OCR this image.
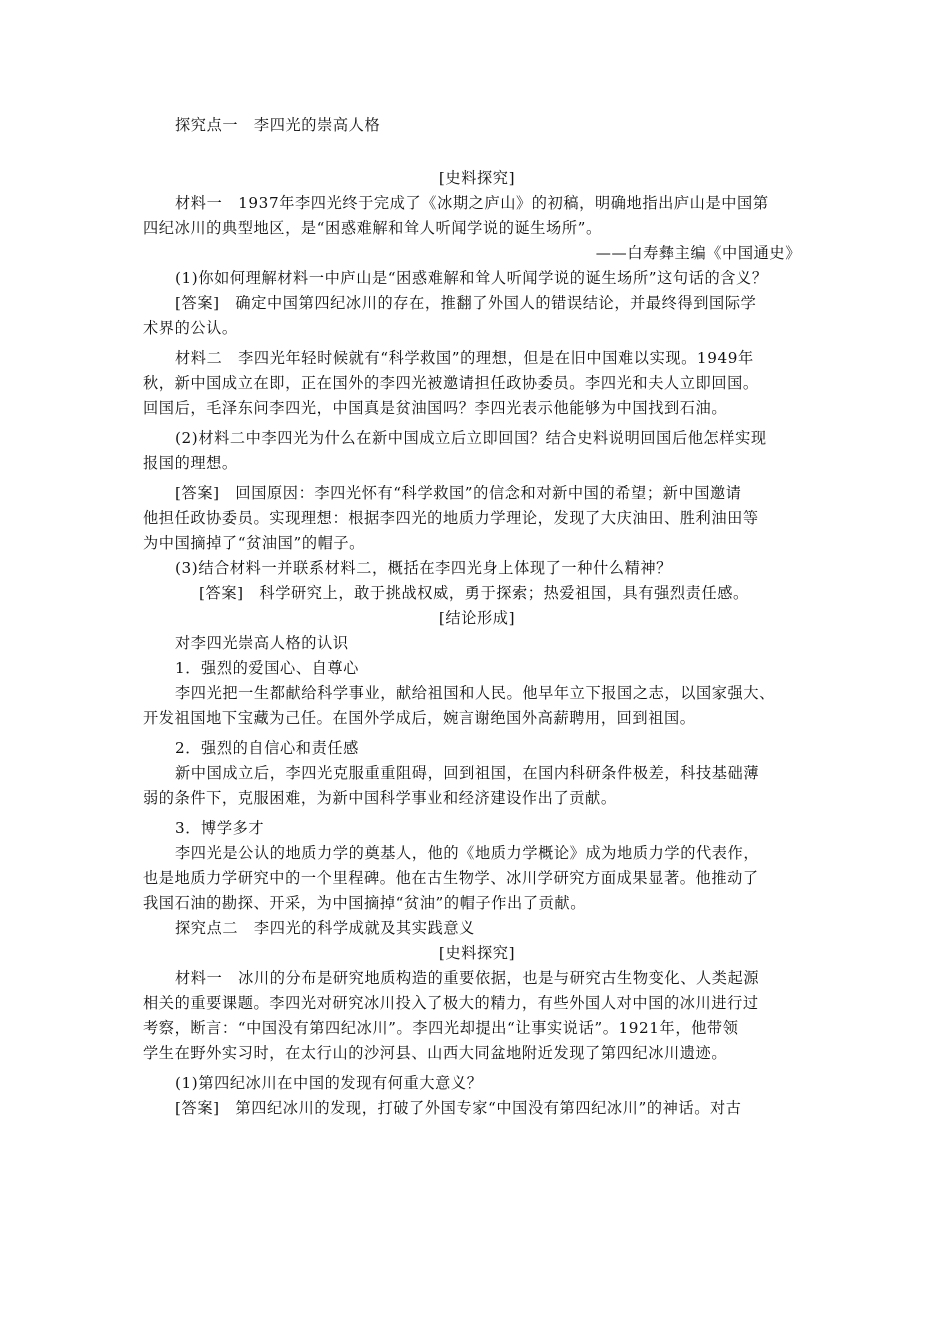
探究点一　李四光的崇高人格
[史料探究]
材料一　1937年李四光终于完成了《冰期之庐山》的初稿，明确地指出庐山是中国第
四纪冰川的典型地区，是“困惑难解和耸人听闻学说的诞生场所”。
——白寿彝主编《中国通史》
(1)你如何理解材料一中庐山是“困惑难解和耸人听闻学说的诞生场所”这句话的含义？
[答案]　确定中国第四纪冰川的存在，推翻了外国人的错误结论，并最终得到国际学
术界的公认。
材料二　李四光年轻时候就有“科学救国”的理想，但是在旧中国难以实现。1949年
秋，新中国成立在即，正在国外的李四光被邀请担任政协委员。李四光和夫人立即回国。
回国后，毛泽东问李四光，中国真是贫油国吗？李四光表示他能够为中国找到石油。
(2)材料二中李四光为什么在新中国成立后立即回国？结合史料说明回国后他怎样实现
报国的理想。
[答案]　回国原因：李四光怀有“科学救国”的信念和对新中国的希望；新中国邀请
他担任政协委员。实现理想：根据李四光的地质力学理论，发现了大庆油田、胜利油田等
为中国摘掉了“贫油国”的帽子。
(3)结合材料一并联系材料二，概括在李四光身上体现了一种什么精神？
[答案]　科学研究上，敢于挑战权威，勇于探索；热爱祖国，具有强烈责任感。
[结论形成]
对李四光崇高人格的认识
1．强烈的爱国心、自尊心
李四光把一生都献给科学事业，献给祖国和人民。他早年立下报国之志，以国家强大、
开发祖国地下宝藏为己任。在国外学成后，婉言谢绝国外高薪聘用，回到祖国。
2．强烈的自信心和责任感
新中国成立后，李四光克服重重阻碍，回到祖国，在国内科研条件极差，科技基础薄
弱的条件下，克服困难，为新中国科学事业和经济建设作出了贡献。
3．博学多才
李四光是公认的地质力学的奠基人，他的《地质力学概论》成为地质力学的代表作，
也是地质力学研究中的一个里程碑。他在古生物学、冰川学研究方面成果显著。他推动了
我国石油的勘探、开采，为中国摘掉“贫油”的帽子作出了贡献。
探究点二　李四光的科学成就及其实践意义
[史料探究]
材料一　冰川的分布是研究地质构造的重要依据，也是与研究古生物变化、人类起源
相关的重要课题。李四光对研究冰川投入了极大的精力，有些外国人对中国的冰川进行过
考察，断言：“中国没有第四纪冰川”。李四光却提出“让事实说话”。1921年，他带领
学生在野外实习时，在太行山的沙河县、山西大同盆地附近发现了第四纪冰川遗迹。
(1)第四纪冰川在中国的发现有何重大意义？
[答案]　第四纪冰川的发现，打破了外国专家“中国没有第四纪冰川”的神话。对古
